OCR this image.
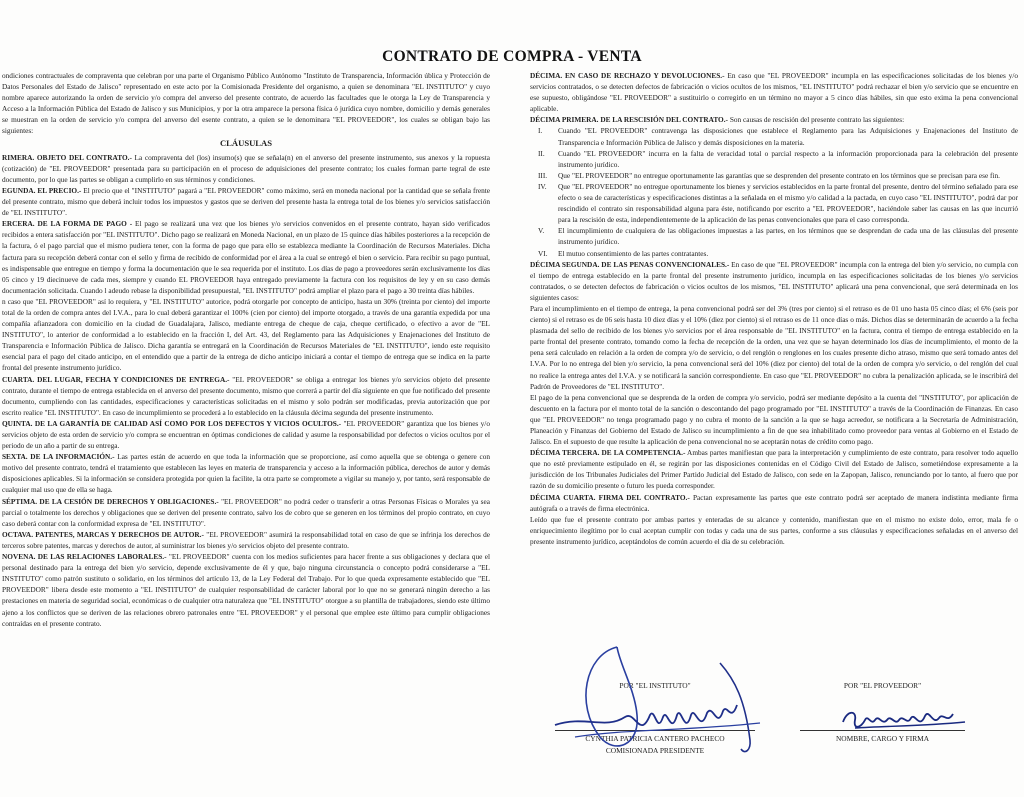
CONTRATO DE COMPRA - VENTA

ondiciones contractuales de compraventa que celebran por una parte el Organismo Público Autónomo "Instituto de Transparencia, Información ública y Protección de Datos Personales del Estado de Jalisco" representado en este acto por la Comisionada Presidente del organismo, a quien se denominara "EL INSTITUTO" y cuyo nombre aparece autorizando la orden de servicio y/o compra del anverso del presente contrato, de acuerdo las facultades que le otorga la Ley de Transparencia y Acceso a la Información Pública del Estado de Jalisco y sus Municipios, y por la otra amparece la persona física ó jurídica cuyo nombre, domicilio y demás generales se muestran en la orden de servicio y/o compra del anverso del esente contrato, a quien se le denominara "EL PROVEEDOR", los cuales se obligan bajo las siguientes:

CLÁUSULAS

RIMERA. OBJETO DEL CONTRATO.- La compraventa del (los) insumo(s) que se señala(n) en el anverso del presente instrumento, sus anexos y la ropuesta (cotización) de "EL PROVEEDOR" presentada para su participación en el proceso de adquisiciones del presente contrato; los cuales forman parte tegral de este documento, por lo que las partes se obligan a cumplirlo en sus términos y condiciones.

EGUNDA. EL PRECIO.- El precio que el "INSTITUTO" pagará a "EL PROVEEDOR" como máximo, será en moneda nacional por la cantidad que se señala frente del presente contrato, mismo que deberá incluir todos los impuestos y gastos que se deriven del presente hasta la entrega total de los bienes y/o servicios satisfacción de "EL INSTITUTO".

ERCERA. DE LA FORMA DE PAGO - El pago se realizará una vez que los bienes y/o servicios convenidos en el presente contrato, hayan sido verificados recibidos a entera satisfacción por "EL INSTITUTO". Dicho pago se realizará en Moneda Nacional, en un plazo de 15 quince días hábiles posteriores a la recepción de la factura, ó el pago parcial que el mismo pudiera tener, con la forma de pago que para ello se establezca mediante la Coordinación de Recursos Materiales. Dicha factura para su recepción deberá contar con el sello y firma de recibido de conformidad por el área a la cual se entregó el bien o servicio. Para recibir su pago puntual, es indispensable que entregue en tiempo y forma la documentación que le sea requerida por el instituto. Los días de pago a proveedores serán exclusivamente los días 05 cinco y 19 diecinueve de cada mes, siempre y cuando EL PROVEEDOR haya entregado previamente la factura con los requisitos de ley y en su caso demás documentación solicitada. Cuando l adeudo rebase la disponibilidad presupuestal, "EL INSTITUTO" podrá ampliar el plazo para el pago a 30 treinta días hábiles.

n caso que "EL PROVEEDOR" así lo requiera, y "EL INSTITUTO" autorice, podrá otorgarle por concepto de anticipo, hasta un 30% (treinta por ciento) del importe total de la orden de compra antes del I.V.A., para lo cual deberá garantizar el 100% (cien por ciento) del importe otorgado, a través de una garantía expedida por una compañía afianzadora con domicilio en la ciudad de Guadalajara, Jalisco, mediante entrega de cheque de caja, cheque certificado, o efectivo a avor de "EL INSTITUTO", lo anterior de conformidad a lo establecido en la fracción I, del Art. 43, del Reglamento para las Adquisiciones y Enajenaciones del Instituto de Transparencia e Información Pública de Jalisco. Dicha garantía se entregará en la Coordinación de Recursos Materiales de "EL INSTITUTO", iendo este requisito esencial para el pago del citado anticipo, en el entendido que a partir de la entrega de dicho anticipo iniciará a contar el tiempo de entrega que se indica en la parte frontal del presente instrumento jurídico.

CUARTA. DEL LUGAR, FECHA Y CONDICIONES DE ENTREGA.- "EL PROVEEDOR" se obliga a entregar los bienes y/o servicios objeto del presente contrato, durante el tiempo de entrega establecida en el anverso del presente documento, mismo que correrá a partir del día siguiente en que fue notificado del presente documento, cumpliendo con las cantidades, especificaciones y características solicitadas en el mismo y solo podrán ser modificadas, previa autorización que por escrito realice "EL INSTITUTO". En caso de incumplimiento se procederá a lo establecido en la cláusula décima segunda del presente instrumento.

QUINTA. DE LA GARANTÍA DE CALIDAD ASÍ COMO POR LOS DEFECTOS Y VICIOS OCULTOS.- "EL PROVEEDOR" garantiza que los bienes y/o servicios objeto de esta orden de servicio y/o compra se encuentran en óptimas condiciones de calidad y asume la responsabilidad por defectos o vicios ocultos por el periodo de un año a partir de su entrega.

SEXTA. DE LA INFORMACIÓN.- Las partes están de acuerdo en que toda la información que se proporcione, así como aquella que se obtenga o genere con motivo del presente contrato, tendrá el tratamiento que establecen las leyes en materia de transparencia y acceso a la información pública, derechos de autor y demás disposiciones aplicables. Si la información se considera protegida por quien la facilite, la otra parte se compromete a vigilar su manejo y, por tanto, será responsable de cualquier mal uso que de ella se haga.

SÉPTIMA. DE LA CESIÓN DE DERECHOS Y OBLIGACIONES.- "EL PROVEEDOR" no podrá ceder o transferir a otras Personas Físicas o Morales ya sea parcial o totalmente los derechos y obligaciones que se deriven del presente contrato, salvo los de cobro que se generen en los términos del propio contrato, en cuyo caso deberá contar con la conformidad expresa de "EL INSTITUTO".

OCTAVA. PATENTES, MARCAS Y DERECHOS DE AUTOR.- "EL PROVEEDOR" asumirá la responsabilidad total en caso de que se infrinja los derechos de terceros sobre patentes, marcas y derechos de autor, al suministrar los bienes y/o servicios objeto del presente contrato.

NOVENA. DE LAS RELACIONES LABORALES.- "EL PROVEEDOR" cuenta con los medios suficientes para hacer frente a sus obligaciones y declara que el personal destinado para la entrega del bien y/o servicio, depende exclusivamente de él y que, bajo ninguna circunstancia o concepto podrá considerarse a "EL INSTITUTO" como patrón sustituto o solidario, en los términos del artículo 13, de la Ley Federal del Trabajo. Por lo que queda expresamente establecido que "EL PROVEEDOR" libera desde este momento a "EL INSTITUTO" de cualquier responsabilidad de carácter laboral por lo que no se generará ningún derecho a las prestaciones en materia de seguridad social, económicas o de cualquier otra naturaleza que "EL INSTITUTO" otorgue a su plantilla de trabajadores, siendo este último ajeno a los conflictos que se deriven de las relaciones obrero patronales entre "EL PROVEEDOR" y el personal que emplee este último para cumplir obligaciones contraídas en el presente contrato.

DÉCIMA. EN CASO DE RECHAZO Y DEVOLUCIONES.- En caso que "EL PROVEEDOR" incumpla en las especificaciones solicitadas de los bienes y/o servicios contratados, o se detecten defectos de fabricación o vicios ocultos de los mismos, "EL INSTITUTO" podrá rechazar el bien y/o servicio que se encuentre en ese supuesto, obligándose "EL PROVEEDOR" a sustituirlo o corregirlo en un término no mayor a 5 cinco días hábiles, sin que esto exima la pena convencional aplicable.

DÉCIMA PRIMERA. DE LA RESCISIÓN DEL CONTRATO.- Son causas de rescisión del presente contrato las siguientes:

I.	Cuando "EL PROVEEDOR" contravenga las disposiciones que establece el Reglamento para las Adquisiciones y Enajenaciones del Instituto de Transparencia e Información Pública de Jalisco y demás disposiciones en la materia.
II.	Cuando "EL PROVEEDOR" incurra en la falta de veracidad total o parcial respecto a la información proporcionada para la celebración del presente instrumento jurídico.
III.	Que "EL PROVEEDOR" no entregue oportunamente las garantías que se desprenden del presente contrato en los términos que se precisan para ese fin.
IV.	Que "EL PROVEEDOR" no entregue oportunamente los bienes y servicios establecidos en la parte frontal del presente, dentro del término señalado para ese efecto o sea de características y especificaciones distintas a la señalada en el mismo y/o calidad a la pactada, en cuyo caso "EL INSTITUTO", podrá dar por rescindido el contrato sin responsabilidad alguna para éste, notificando por escrito a "EL PROVEEDOR", haciéndole saber las causas en las que incurrió para la rescisión de esta, independientemente de la aplicación de las penas convencionales que para el caso corresponda.
V.	El incumplimiento de cualquiera de las obligaciones impuestas a las partes, en los términos que se desprendan de cada una de las cláusulas del presente instrumento jurídico.
VI.	El mutuo consentimiento de las partes contratantes.

DÉCIMA SEGUNDA. DE LAS PENAS CONVENCIONALES.- En caso de que "EL PROVEEDOR" incumpla con la entrega del bien y/o servicio, no cumpla con el tiempo de entrega establecido en la parte frontal del presente instrumento jurídico, incumpla en las especificaciones solicitadas de los bienes y/o servicios contratados, o se detecten defectos de fabricación o vicios ocultos de los mismos, "EL INSTITUTO" aplicará una pena convencional, que será determinada en los siguientes casos:

Para el incumplimiento en el tiempo de entrega, la pena convencional podrá ser del 3% (tres por ciento) si el retraso es de 01 uno hasta 05 cinco días; el 6% (seis por ciento) si el retraso es de 06 seis hasta 10 diez días y el 10% (diez por ciento) si el retraso es de 11 once días o más. Dichos días se determinarán de acuerdo a la fecha plasmada del sello de recibido de los bienes y/o servicios por el área responsable de "EL INSTITUTO" en la factura, contra el tiempo de entrega establecido en la parte frontal del presente contrato, tomando como la fecha de recepción de la orden, una vez que se hayan determinado los días de incumplimiento, el monto de la pena será calculado en relación a la orden de compra y/o de servicio, o del renglón o renglones en los cuales presente dicho atraso, mismo que será tomado antes del I.V.A. Por lo no entrega del bien y/o servicio, la pena convencional será del 10% (diez por ciento) del total de la orden de compra y/o servicio, o del renglón del cual no realice la entrega antes del I.V.A. y se notificará la sanción correspondiente. En caso que "EL PROVEEDOR" no cubra la penalización aplicada, se le inscribirá del Padrón de Proveedores de "EL INSTITUTO".

El pago de la pena convencional que se desprenda de la orden de compra y/o servicio, podrá ser mediante depósito a la cuenta del "INSTITUTO", por aplicación de descuento en la factura por el monto total de la sanción o descontando del pago programado por "EL INSTITUTO" a través de la Coordinación de Finanzas. En caso que "EL PROVEEDOR" no tenga programado pago y no cubra el monto de la sanción a la que se haga acreedor, se notificara a la Secretaría de Administración, Planeación y Finanzas del Gobierno del Estado de Jalisco su incumplimiento a fin de que sea inhabilitado como proveedor para ventas al Gobierno en el Estado de Jalisco. En el supuesto de que resulte la aplicación de pena convencional no se aceptarán notas de crédito como pago.

DÉCIMA TERCERA. DE LA COMPETENCIA.- Ambas partes manifiestan que para la interpretación y cumplimiento de este contrato, para resolver todo aquello que no esté previamente estipulado en él, se regirán por las disposiciones contenidas en el Código Civil del Estado de Jalisco, sometiéndose expresamente a la jurisdicción de los Tribunales Judiciales del Primer Partido Judicial del Estado de Jalisco, con sede en la Zapopan, Jalisco, renunciando por lo tanto, al fuero que por razón de su domicilio presente o futuro les pueda corresponder.

DÉCIMA CUARTA. FIRMA DEL CONTRATO.- Pactan expresamente las partes que este contrato podrá ser aceptado de manera indistinta mediante firma autógrafa o a través de firma electrónica.

Leído que fue el presente contrato por ambas partes y enteradas de su alcance y contenido, manifiestan que en el mismo no existe dolo, error, mala fe o enriquecimiento ilegítimo por lo cual aceptan cumplir con todas y cada una de sus partes, conforme a sus cláusulas y especificaciones señaladas en el anverso del presente instrumento jurídico, aceptándolos de común acuerdo el día de su celebración.

POR "EL INSTITUTO"
CYNTHIA PATRICIA CANTERO PACHECO
COMISIONADA PRESIDENTE
POR "EL PROVEEDOR"
NOMBRE, CARGO Y FIRMA
